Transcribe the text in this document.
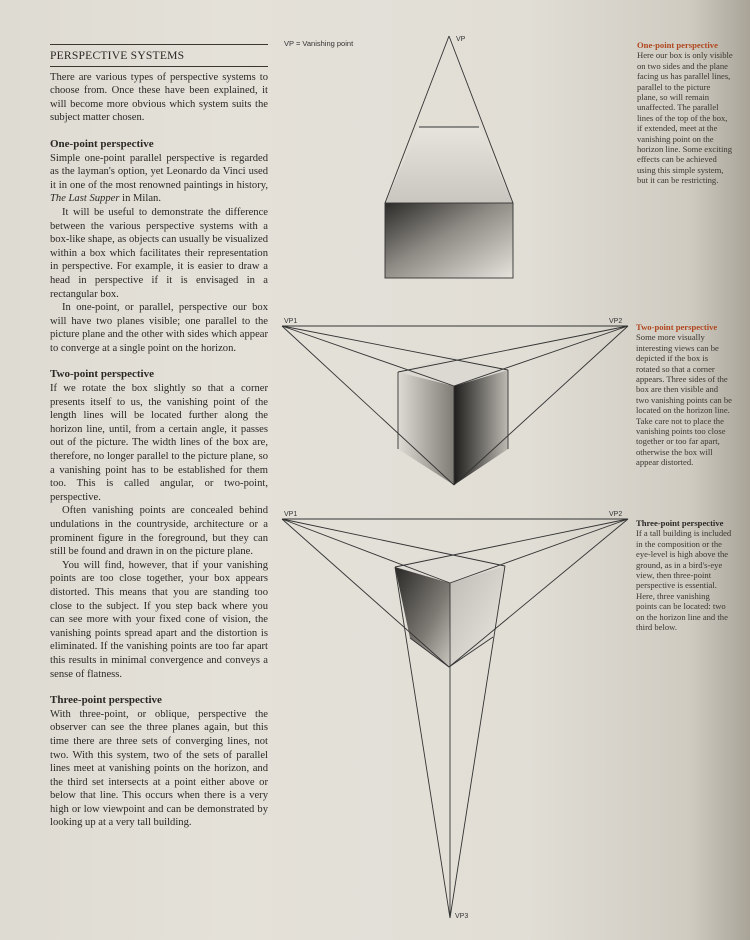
PERSPECTIVE SYSTEMS

There are various types of perspective systems to choose from. Once these have been explained, it will become more obvious which system suits the subject matter chosen.

One-point perspective

Simple one-point parallel perspective is regarded as the layman's option, yet Leonardo da Vinci used it in one of the most renowned paintings in history, The Last Supper in Milan.

It will be useful to demonstrate the difference between the various perspective systems with a box-like shape, as objects can usually be visualized within a box which facilitates their representation in perspective. For example, it is easier to draw a head in perspective if it is envisaged in a rectangular box.

In one-point, or parallel, perspective our box will have two planes visible; one parallel to the picture plane and the other with sides which appear to converge at a single point on the horizon.

Two-point perspective

If we rotate the box slightly so that a corner presents itself to us, the vanishing point of the length lines will be located further along the horizon line, until, from a certain angle, it passes out of the picture. The width lines of the box are, therefore, no longer parallel to the picture plane, so a vanishing point has to be established for them too. This is called angular, or two-point, perspective.

Often vanishing points are concealed behind undulations in the countryside, architecture or a prominent figure in the foreground, but they can still be found and drawn in on the picture plane.

You will find, however, that if your vanishing points are too close together, your box appears distorted. This means that you are standing too close to the subject. If you step back where you can see more with your fixed cone of vision, the vanishing points spread apart and the distortion is eliminated. If the vanishing points are too far apart this results in minimal convergence and conveys a sense of flatness.

Three-point perspective

With three-point, or oblique, perspective the observer can see the three planes again, but this time there are three sets of converging lines, not two. With this system, two of the sets of parallel lines meet at vanishing points on the horizon, and the third set intersects at a point either above or below that line. This occurs when there is a very high or low viewpoint and can be demonstrated by looking up at a very tall building.

VP = Vanishing point	VP
VP1	VP2
VP1	VP2
VP3
One-point perspective
Here our box is only visible on two sides and the plane facing us has parallel lines, parallel to the picture plane, so will remain unaffected. The parallel lines of the top of the box, if extended, meet at the vanishing point on the horizon line. Some exciting effects can be achieved using this simple system, but it can be restricting.
Two-point perspective
Some more visually interesting views can be depicted if the box is rotated so that a corner appears. Three sides of the box are then visible and two vanishing points can be located on the horizon line. Take care not to place the vanishing points too close together or too far apart, otherwise the box will appear distorted.
Three-point perspective
If a tall building is included in the composition or the eye-level is high above the ground, as in a bird's-eye view, then three-point perspective is essential. Here, three vanishing points can be located: two on the horizon line and the third below.
